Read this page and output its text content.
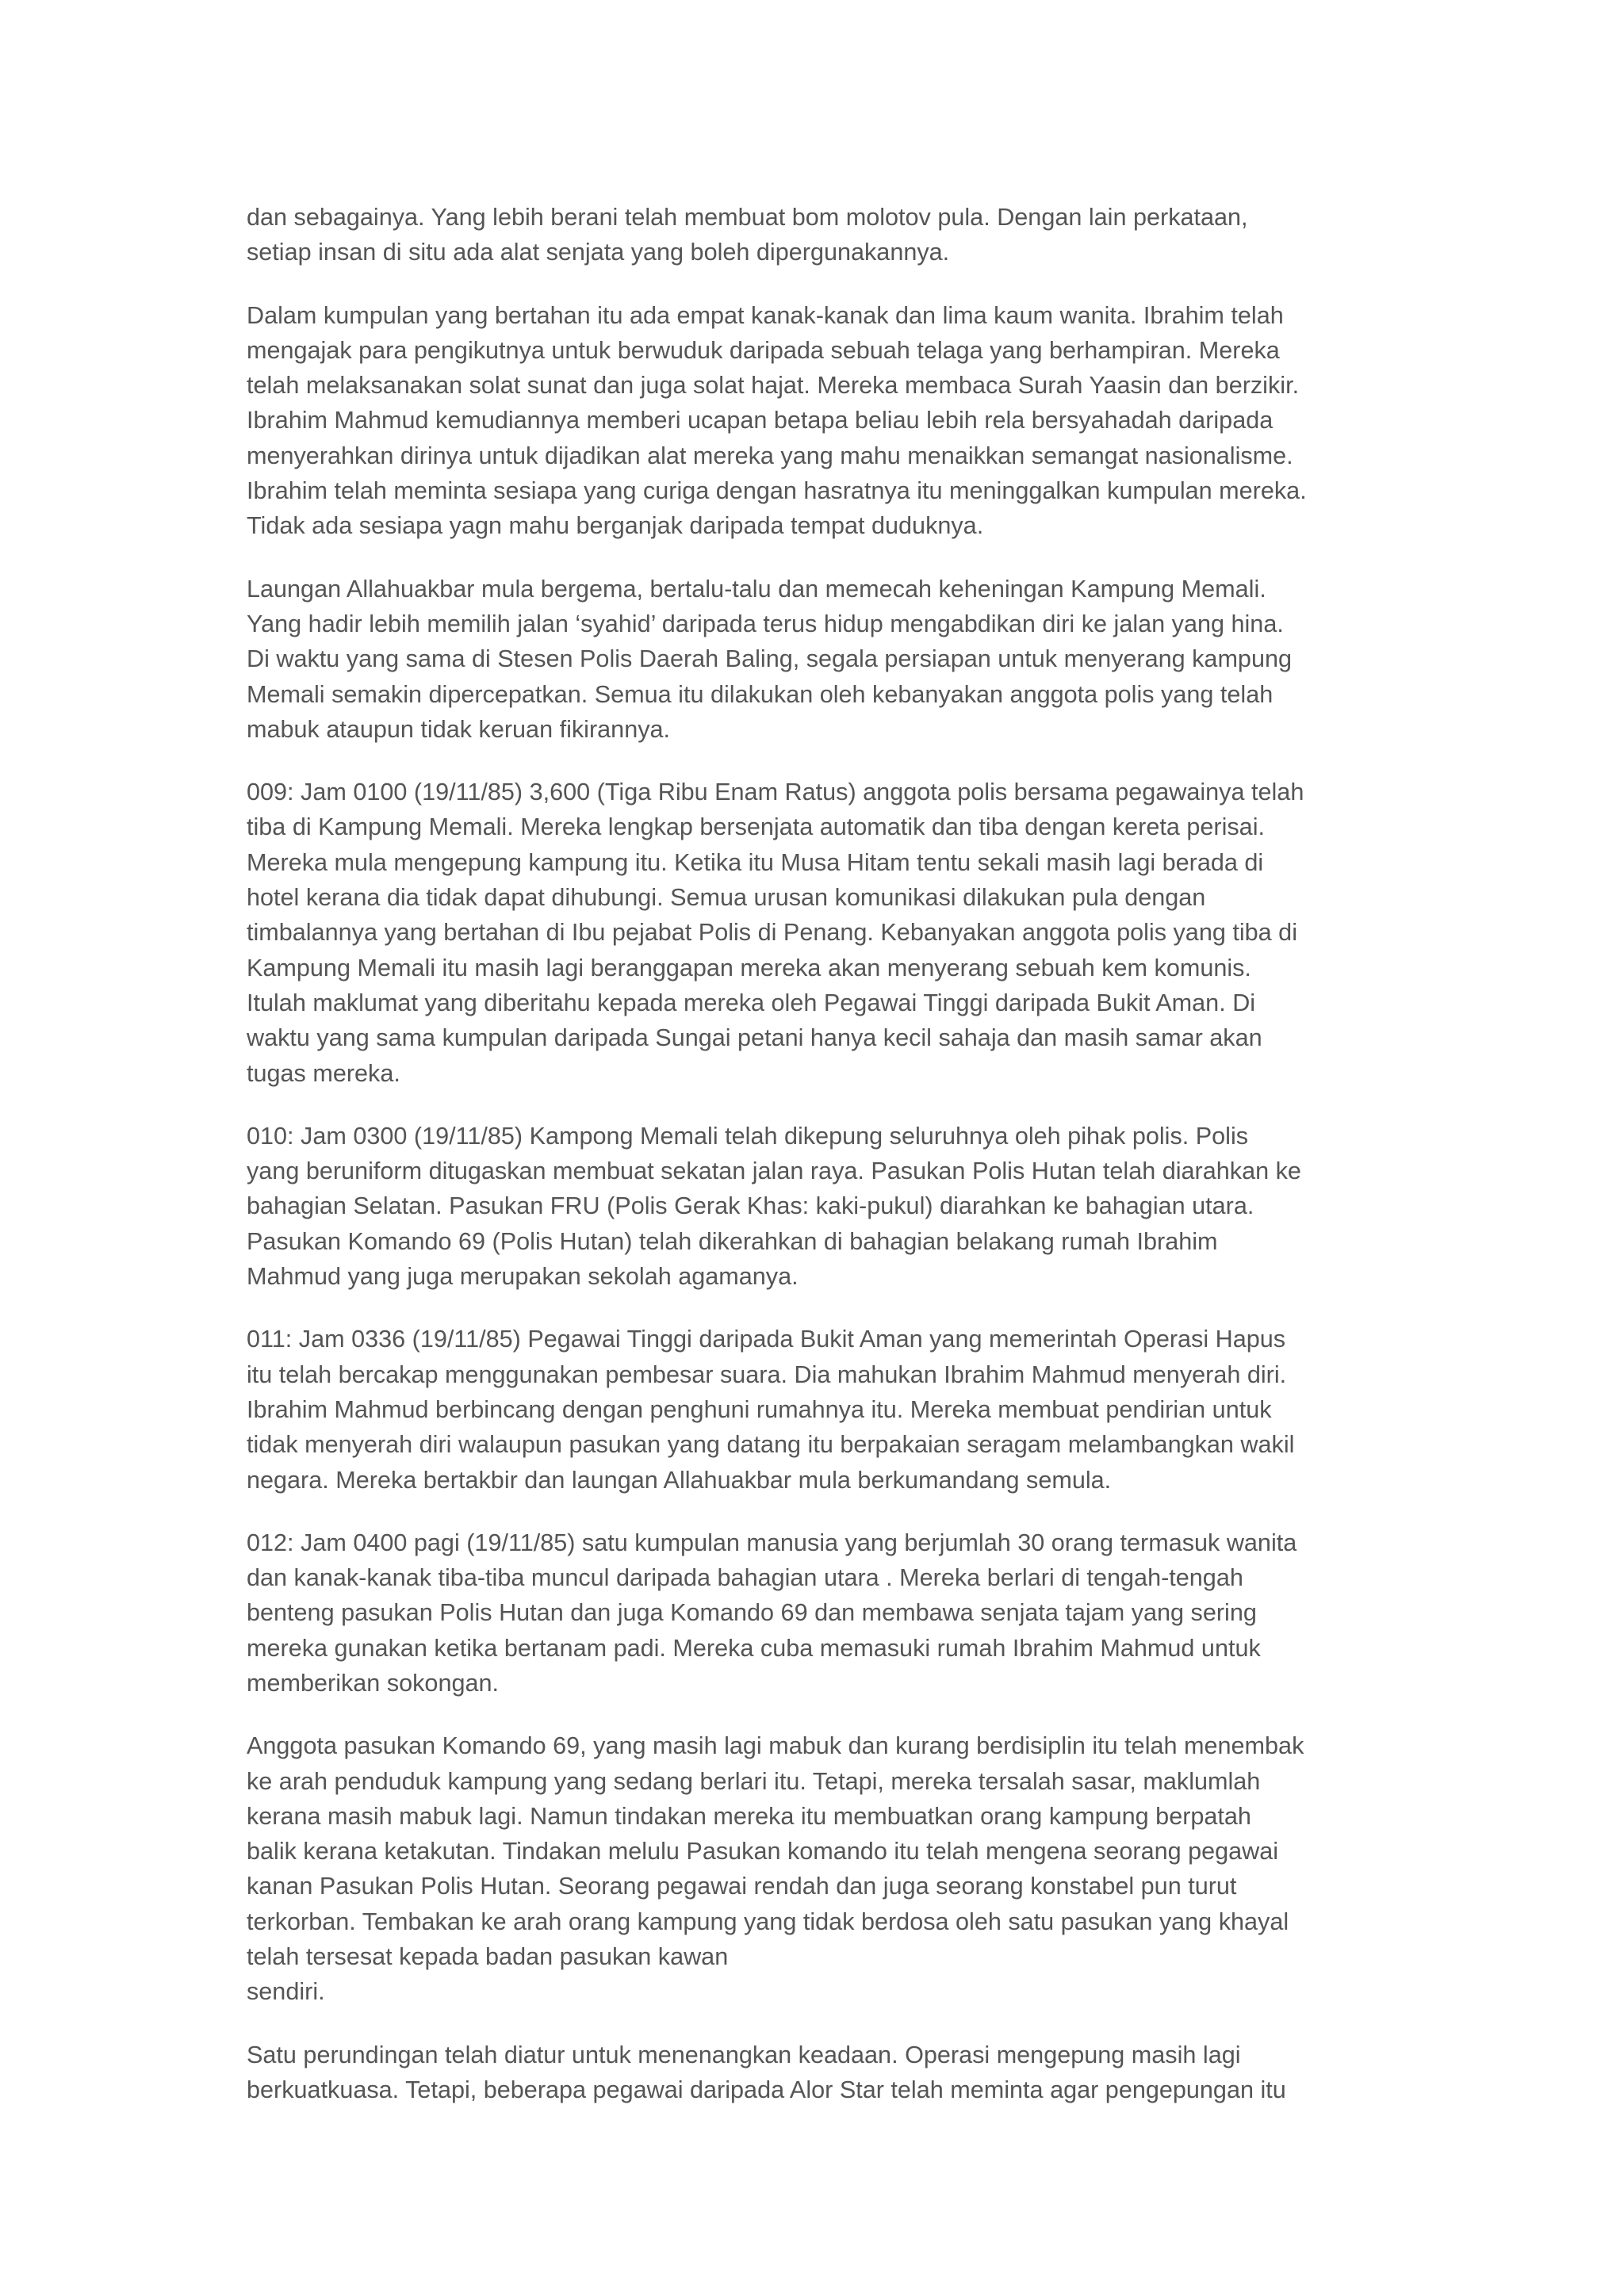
dan sebagainya. Yang lebih berani telah membuat bom molotov pula. Dengan lain perkataan,
setiap insan di situ ada alat senjata yang boleh dipergunakannya.

Dalam kumpulan yang bertahan itu ada empat kanak-kanak dan lima kaum wanita. Ibrahim telah
mengajak para pengikutnya untuk berwuduk daripada sebuah telaga yang berhampiran. Mereka
telah melaksanakan solat sunat dan juga solat hajat. Mereka membaca Surah Yaasin dan berzikir.
Ibrahim Mahmud kemudiannya memberi ucapan betapa beliau lebih rela bersyahadah daripada
menyerahkan dirinya untuk dijadikan alat mereka yang mahu menaikkan semangat nasionalisme.
Ibrahim telah meminta sesiapa yang curiga dengan hasratnya itu meninggalkan kumpulan mereka.
Tidak ada sesiapa yagn mahu berganjak daripada tempat duduknya.

Laungan Allahuakbar mula bergema, bertalu-talu dan memecah keheningan Kampung Memali.
Yang hadir lebih memilih jalan ‘syahid’ daripada terus hidup mengabdikan diri ke jalan yang hina.
Di waktu yang sama di Stesen Polis Daerah Baling, segala persiapan untuk menyerang kampung
Memali semakin dipercepatkan. Semua itu dilakukan oleh kebanyakan anggota polis yang telah
mabuk ataupun tidak keruan fikirannya.

009: Jam 0100 (19/11/85) 3,600 (Tiga Ribu Enam Ratus) anggota polis bersama pegawainya telah
tiba di Kampung Memali. Mereka lengkap bersenjata automatik dan tiba dengan kereta perisai.
Mereka mula mengepung kampung itu. Ketika itu Musa Hitam tentu sekali masih lagi berada di
hotel kerana dia tidak dapat dihubungi. Semua urusan komunikasi dilakukan pula dengan
timbalannya yang bertahan di Ibu pejabat Polis di Penang. Kebanyakan anggota polis yang tiba di
Kampung Memali itu masih lagi beranggapan mereka akan menyerang sebuah kem komunis.
Itulah maklumat yang diberitahu kepada mereka oleh Pegawai Tinggi daripada Bukit Aman. Di
waktu yang sama kumpulan daripada Sungai petani hanya kecil sahaja dan masih samar akan
tugas mereka.

010: Jam 0300 (19/11/85) Kampong Memali telah dikepung seluruhnya oleh pihak polis. Polis
yang beruniform ditugaskan membuat sekatan jalan raya. Pasukan Polis Hutan telah diarahkan ke
bahagian Selatan. Pasukan FRU (Polis Gerak Khas: kaki-pukul) diarahkan ke bahagian utara.
Pasukan Komando 69 (Polis Hutan) telah dikerahkan di bahagian belakang rumah Ibrahim
Mahmud yang juga merupakan sekolah agamanya.

011: Jam 0336 (19/11/85) Pegawai Tinggi daripada Bukit Aman yang memerintah Operasi Hapus
itu telah bercakap menggunakan pembesar suara. Dia mahukan Ibrahim Mahmud menyerah diri.
Ibrahim Mahmud berbincang dengan penghuni rumahnya itu. Mereka membuat pendirian untuk
tidak menyerah diri walaupun pasukan yang datang itu berpakaian seragam melambangkan wakil
negara. Mereka bertakbir dan laungan Allahuakbar mula berkumandang semula.

012: Jam 0400 pagi (19/11/85) satu kumpulan manusia yang berjumlah 30 orang termasuk wanita
dan kanak-kanak tiba-tiba muncul daripada bahagian utara . Mereka berlari di tengah-tengah
benteng pasukan Polis Hutan dan juga Komando 69 dan membawa senjata tajam yang sering
mereka gunakan ketika bertanam padi. Mereka cuba memasuki rumah Ibrahim Mahmud untuk
memberikan sokongan.

Anggota pasukan Komando 69, yang masih lagi mabuk dan kurang berdisiplin itu telah menembak
ke arah penduduk kampung yang sedang berlari itu. Tetapi, mereka tersalah sasar, maklumlah
kerana masih mabuk lagi. Namun tindakan mereka itu membuatkan orang kampung berpatah
balik kerana ketakutan. Tindakan melulu Pasukan komando itu telah mengena seorang pegawai
kanan Pasukan Polis Hutan. Seorang pegawai rendah dan juga seorang konstabel pun turut
terkorban. Tembakan ke arah orang kampung yang tidak berdosa oleh satu pasukan yang khayal
telah tersesat kepada badan pasukan kawan
sendiri.

Satu perundingan telah diatur untuk menenangkan keadaan. Operasi mengepung masih lagi
berkuatkuasa. Tetapi, beberapa pegawai daripada Alor Star telah meminta agar pengepungan itu
